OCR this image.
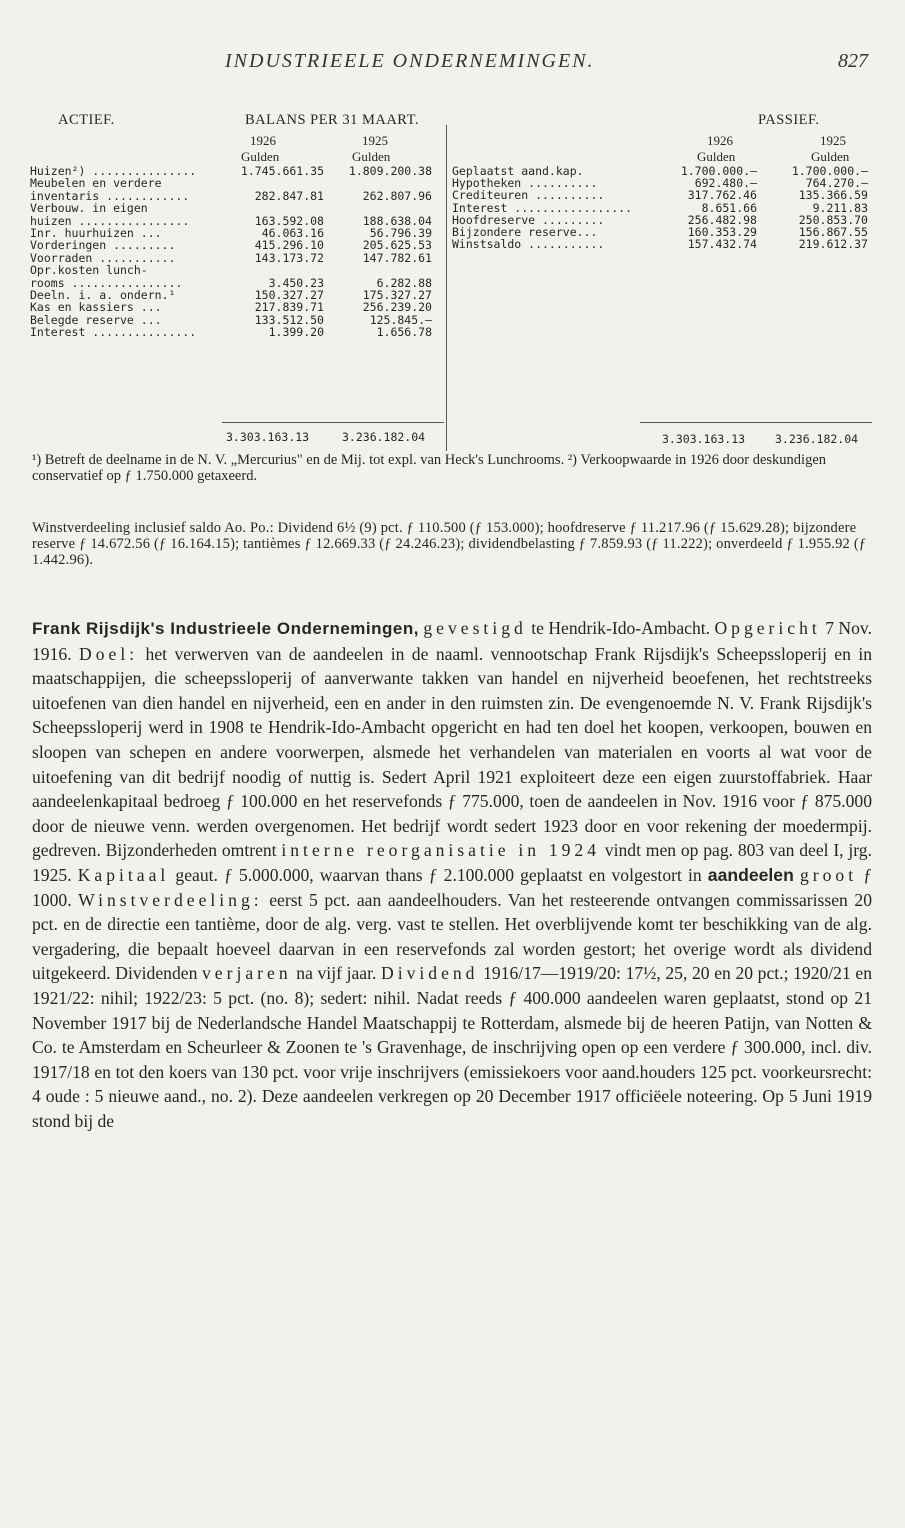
INDUSTRIEELE ONDERNEMINGEN.	827
ACTIEF.	BALANS PER 31 MAART.	PASSIEF.
1926	1925
Gulden	Gulden
1926	1925
Gulden	Gulden
Huizen²) ...............	1.745.661.35 1.809.200.38
Meubelen en verdere
inventaris ............	282.847.81	262.807.96
Verbouw. in eigen
huizen ................	163.592.08	188.638.04
Inr. huurhuizen ...	46.063.16	56.796.39
Vorderingen .........	415.296.10	205.625.53
Voorraden ...........	143.173.72	147.782.61
Opr.kosten lunch-
rooms ................	3.450.23	6.282.88
Deeln. i. a. ondern.¹	150.327.27	175.327.27
Kas en kassiers ...	217.839.71	256.239.20
Belegde reserve ...	133.512.50	125.845.—
Interest ...............	1.399.20	1.656.78
Geplaatst aand.kap.	1.700.000.—	1.700.000.—
Hypotheken ..........	692.480.—	764.270.—
Crediteuren ..........	317.762.46	135.366.59
Interest .................	8.651.66	9.211.83
Hoofdreserve .........	256.482.98	250.853.70
Bijzondere reserve...	160.353.29	156.867.55
Winstsaldo ...........	157.432.74	219.612.37
3.303.163.13	3.236.182.04	3.303.163.13	3.236.182.04
¹) Betreft de deelname in de N. V. „Mercurius" en de Mij. tot expl. van Heck's Lunchrooms. ²) Verkoopwaarde in 1926 door deskundigen conservatief op ƒ 1.750.000 getaxeerd.
Winstverdeeling inclusief saldo Ao. Po.: Dividend 6½ (9) pct. ƒ 110.500 (ƒ 153.000); hoofdreserve ƒ 11.217.96 (ƒ 15.629.28); bijzondere reserve ƒ 14.672.56 (ƒ 16.164.15); tantièmes ƒ 12.669.33 (ƒ 24.246.23); dividendbelasting ƒ 7.859.93 (ƒ 11.222); onverdeeld ƒ 1.955.92 (ƒ 1.442.96).
Frank Rijsdijk's Industrieele Ondernemingen, gevestigd te Hendrik-Ido-Ambacht. Opgericht 7 Nov. 1916. Doel: het verwerven van de aandeelen in de naaml. vennootschap Frank Rijsdijk's Scheepssloperij en in maatschappijen, die scheepssloperij of aanverwante takken van handel en nijverheid beoefenen, het rechtstreeks uitoefenen van dien handel en nijverheid, een en ander in den ruimsten zin. De evengenoemde N. V. Frank Rijsdijk's Scheepssloperij werd in 1908 te Hendrik-Ido-Ambacht opgericht en had ten doel het koopen, verkoopen, bouwen en sloopen van schepen en andere voorwerpen, alsmede het verhandelen van materialen en voorts al wat voor de uitoefening van dit bedrijf noodig of nuttig is. Sedert April 1921 exploiteert deze een eigen zuurstoffabriek. Haar aandeelenkapitaal bedroeg ƒ 100.000 en het reservefonds ƒ 775.000, toen de aandeelen in Nov. 1916 voor ƒ 875.000 door de nieuwe venn. werden overgenomen. Het bedrijf wordt sedert 1923 door en voor rekening der moedermpij. gedreven. Bijzonderheden omtrent interne reorganisatie in 1924 vindt men op pag. 803 van deel I, jrg. 1925. Kapitaal geaut. ƒ 5.000.000, waarvan thans ƒ 2.100.000 geplaatst en volgestort in aandeelen groot ƒ 1000. Winstverdeeling: eerst 5 pct. aan aandeelhouders. Van het resteerende ontvangen commissarissen 20 pct. en de directie een tantième, door de alg. verg. vast te stellen. Het overblijvende komt ter beschikking van de alg. vergadering, die bepaalt hoeveel daarvan in een reservefonds zal worden gestort; het overige wordt als dividend uitgekeerd. Dividenden verjaren na vijf jaar. Dividend 1916/17—1919/20: 17½, 25, 20 en 20 pct.; 1920/21 en 1921/22: nihil; 1922/23: 5 pct. (no. 8); sedert: nihil. Nadat reeds ƒ 400.000 aandeelen waren geplaatst, stond op 21 November 1917 bij de Nederlandsche Handel Maatschappij te Rotterdam, alsmede bij de heeren Patijn, van Notten & Co. te Amsterdam en Scheurleer & Zoonen te 's Gravenhage, de inschrijving open op een verdere ƒ 300.000, incl. div. 1917/18 en tot den koers van 130 pct. voor vrije inschrijvers (emissiekoers voor aand.houders 125 pct. voorkeursrecht: 4 oude : 5 nieuwe aand., no. 2). Deze aandeelen verkregen op 20 December 1917 officiëele noteering. Op 5 Juni 1919 stond bij de
